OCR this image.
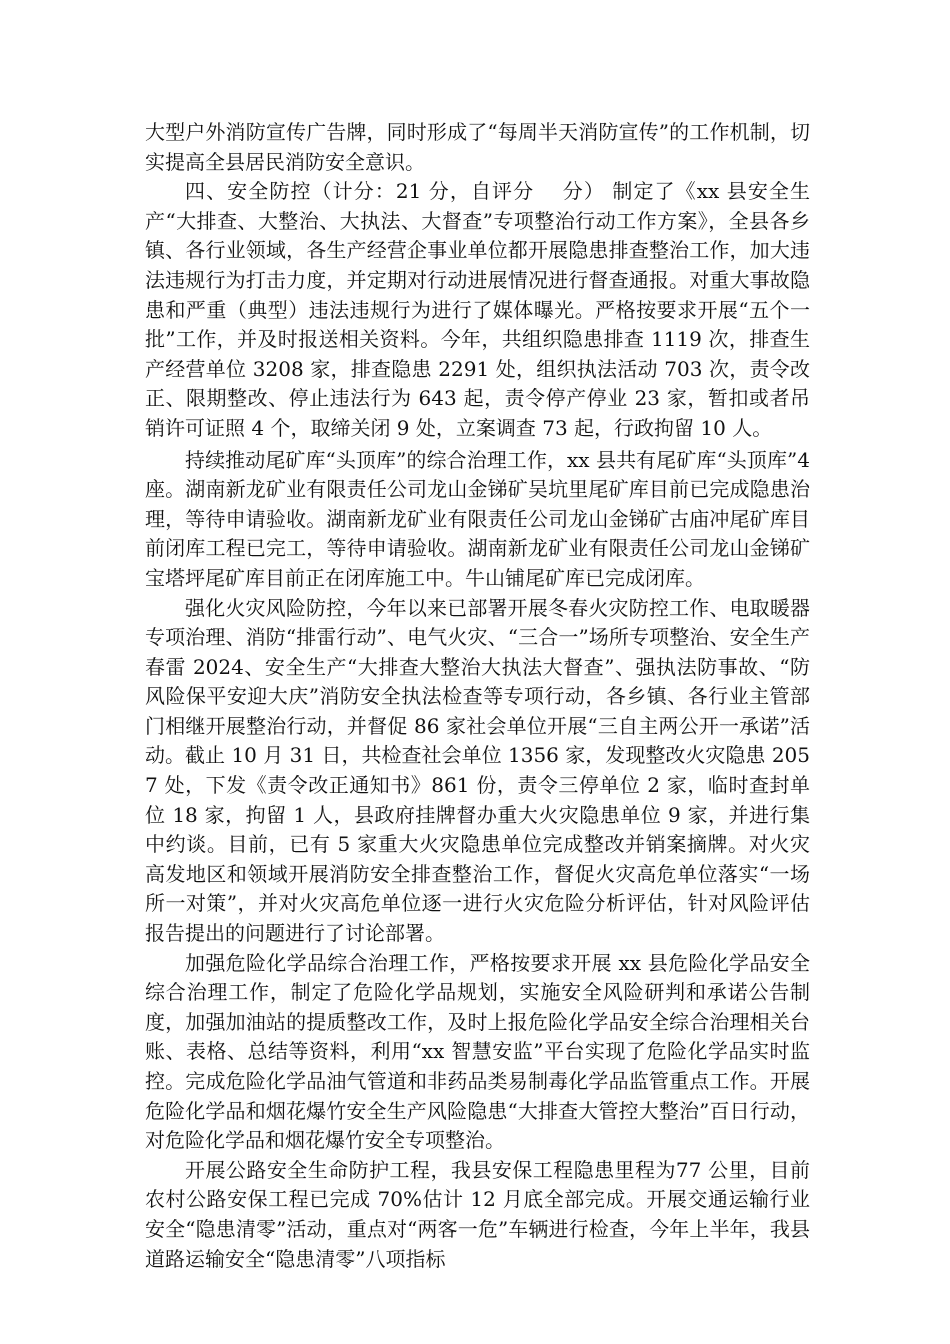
大型户外消防宣传广告牌，同时形成了“每周半天消防宣传”的工作机制，切实提高全县居民消防安全意识。

四、安全防控（计分：21 分，自评分　 分） 制定了《xx 县安全生产“大排查、大整治、大执法、大督查”专项整治行动工作方案》，全县各乡镇、各行业领域，各生产经营企事业单位都开展隐患排查整治工作，加大违法违规行为打击力度，并定期对行动进展情况进行督查通报。对重大事故隐患和严重（典型）违法违规行为进行了媒体曝光。严格按要求开展“五个一批”工作，并及时报送相关资料。今年，共组织隐患排查 1119 次，排查生产经营单位 3208 家，排查隐患 2291 处，组织执法活动 703 次，责令改正、限期整改、停止违法行为 643 起，责令停产停业 23 家，暂扣或者吊销许可证照 4 个，取缔关闭 9 处，立案调查 73 起，行政拘留 10 人。

持续推动尾矿库“头顶库”的综合治理工作，xx 县共有尾矿库“头顶库”4 座。湖南新龙矿业有限责任公司龙山金锑矿吴坑里尾矿库目前已完成隐患治理，等待申请验收。湖南新龙矿业有限责任公司龙山金锑矿古庙冲尾矿库目前闭库工程已完工，等待申请验收。湖南新龙矿业有限责任公司龙山金锑矿宝塔坪尾矿库目前正在闭库施工中。牛山铺尾矿库已完成闭库。

强化火灾风险防控，今年以来已部署开展冬春火灾防控工作、电取暖器专项治理、消防“排雷行动”、电气火灾、“三合一”场所专项整治、安全生产春雷 2024、安全生产“大排查大整治大执法大督查”、强执法防事故、“防风险保平安迎大庆”消防安全执法检查等专项行动，各乡镇、各行业主管部门相继开展整治行动，并督促 86 家社会单位开展“三自主两公开一承诺”活动。截止 10 月 31 日，共检查社会单位 1356 家，发现整改火灾隐患 2057 处，下发《责令改正通知书》861 份，责令三停单位 2 家，临时查封单位 18 家，拘留 1 人，县政府挂牌督办重大火灾隐患单位 9 家，并进行集中约谈。目前，已有 5 家重大火灾隐患单位完成整改并销案摘牌。对火灾高发地区和领域开展消防安全排查整治工作，督促火灾高危单位落实“一场所一对策”，并对火灾高危单位逐一进行火灾危险分析评估，针对风险评估报告提出的问题进行了讨论部署。

加强危险化学品综合治理工作，严格按要求开展 xx 县危险化学品安全综合治理工作，制定了危险化学品规划，实施安全风险研判和承诺公告制度，加强加油站的提质整改工作，及时上报危险化学品安全综合治理相关台账、表格、总结等资料，利用“xx 智慧安监”平台实现了危险化学品实时监控。完成危险化学品油气管道和非药品类易制毒化学品监管重点工作。开展危险化学品和烟花爆竹安全生产风险隐患“大排查大管控大整治”百日行动，对危险化学品和烟花爆竹安全专项整治。

开展公路安全生命防护工程，我县安保工程隐患里程为77 公里，目前农村公路安保工程已完成 70%估计 12 月底全部完成。开展交通运输行业安全“隐患清零”活动，重点对“两客一危”车辆进行检查，今年上半年，我县道路运输安全“隐患清零”八项指标
